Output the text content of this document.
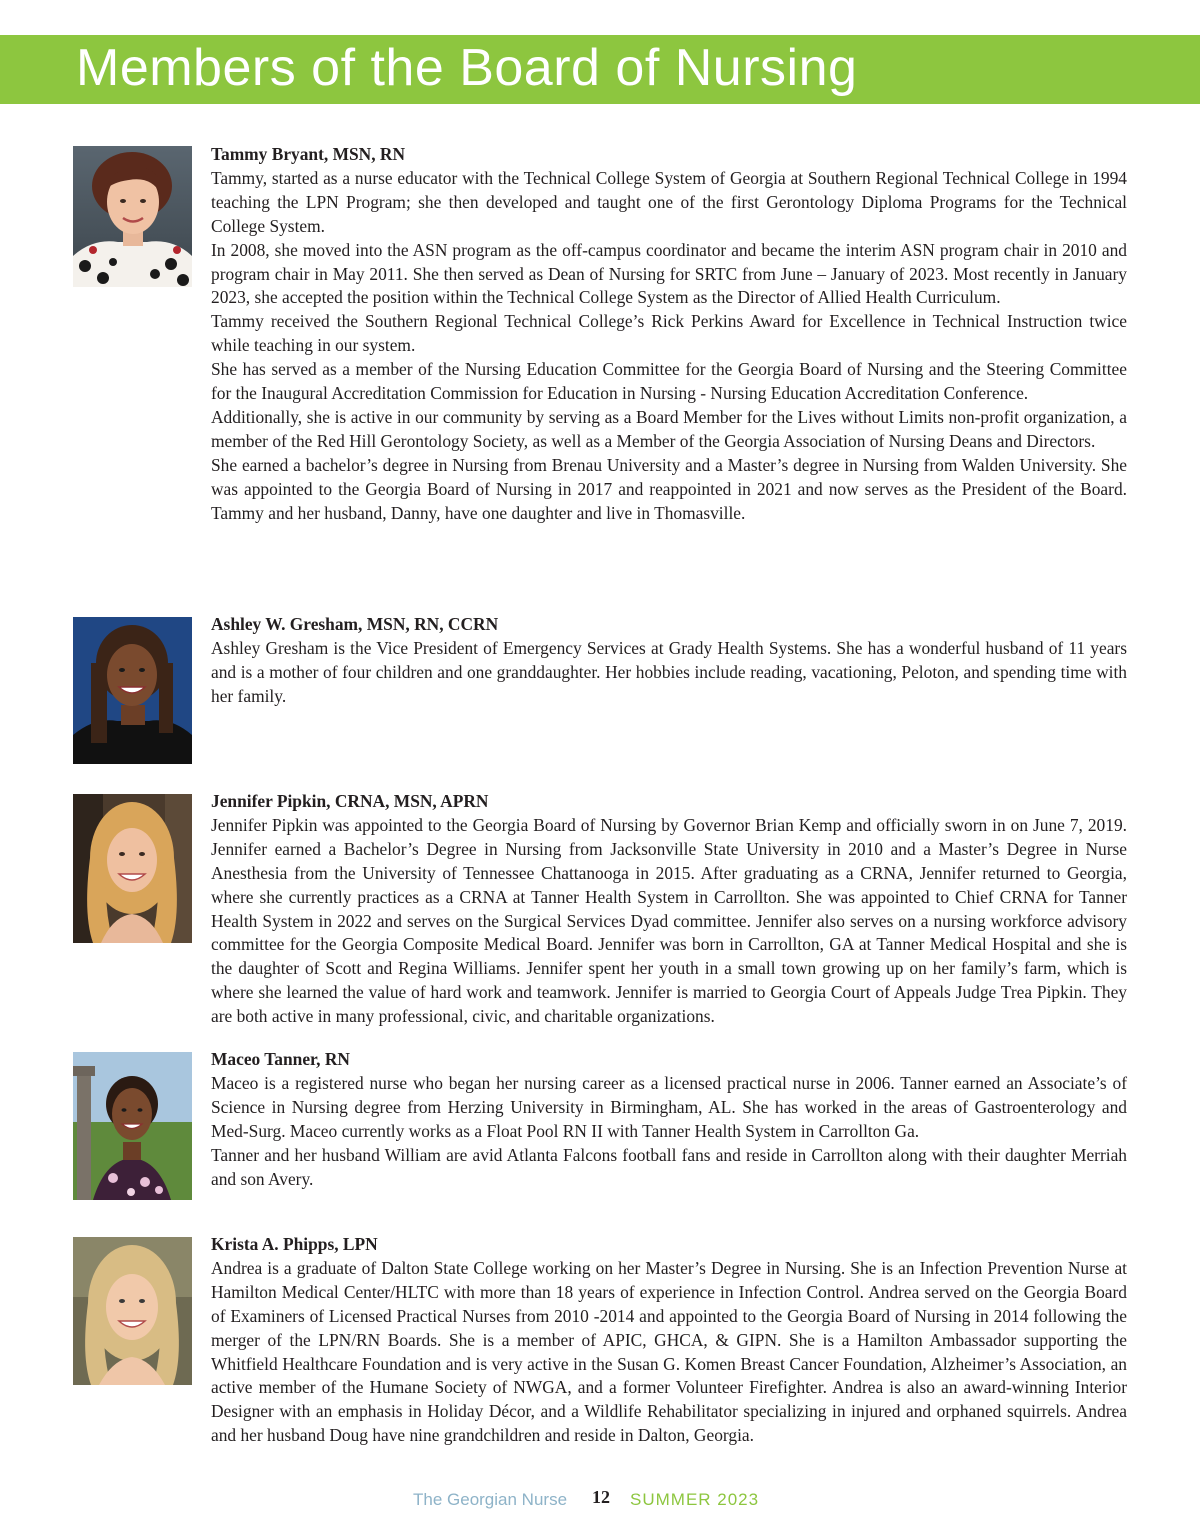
Members of the Board of Nursing

Tammy Bryant, MSN, RN

Tammy, started as a nurse educator with the Technical College System of Georgia at Southern Regional Technical College in 1994 teaching the LPN Program; she then developed and taught one of the first Gerontology Diploma Programs for the Technical College System.

In 2008, she moved into the ASN program as the off-campus coordinator and became the interim ASN program chair in 2010 and program chair in May 2011. She then served as Dean of Nursing for SRTC from June – January of 2023. Most recently in January 2023, she accepted the position within the Technical College System as the Director of Allied Health Curriculum.

Tammy received the Southern Regional Technical College’s Rick Perkins Award for Excellence in Technical Instruction twice while teaching in our system.

She has served as a member of the Nursing Education Committee for the Georgia Board of Nursing and the Steering Committee for the Inaugural Accreditation Commission for Education in Nursing - Nursing Education Accreditation Conference.

Additionally, she is active in our community by serving as a Board Member for the Lives without Limits non-profit organization, a member of the Red Hill Gerontology Society, as well as a Member of the Georgia Association of Nursing Deans and Directors.

She earned a bachelor’s degree in Nursing from Brenau University and a Master’s degree in Nursing from Walden University. She was appointed to the Georgia Board of Nursing in 2017 and reappointed in 2021 and now serves as the President of the Board. Tammy and her husband, Danny, have one daughter and live in Thomasville.

Ashley W. Gresham, MSN, RN, CCRN

Ashley Gresham is the Vice President of Emergency Services at Grady Health Systems. She has a wonderful husband of 11 years and is a mother of four children and one granddaughter. Her hobbies include reading, vacationing, Peloton, and spending time with her family.

Jennifer Pipkin, CRNA, MSN, APRN

Jennifer Pipkin was appointed to the Georgia Board of Nursing by Governor Brian Kemp and officially sworn in on June 7, 2019. Jennifer earned a Bachelor’s Degree in Nursing from Jacksonville State University in 2010 and a Master’s Degree in Nurse Anesthesia from the University of Tennessee Chattanooga in 2015. After graduating as a CRNA, Jennifer returned to Georgia, where she currently practices as a CRNA at Tanner Health System in Carrollton. She was appointed to Chief CRNA for Tanner Health System in 2022 and serves on the Surgical Services Dyad committee. Jennifer also serves on a nursing workforce advisory committee for the Georgia Composite Medical Board. Jennifer was born in Carrollton, GA at Tanner Medical Hospital and she is the daughter of Scott and Regina Williams. Jennifer spent her youth in a small town growing up on her family’s farm, which is where she learned the value of hard work and teamwork. Jennifer is married to Georgia Court of Appeals Judge Trea Pipkin. They are both active in many professional, civic, and charitable organizations.

Maceo Tanner, RN

Maceo is a registered nurse who began her nursing career as a licensed practical nurse in 2006. Tanner earned an Associate’s of Science in Nursing degree from Herzing University in Birmingham, AL. She has worked in the areas of Gastroenterology and Med-Surg. Maceo currently works as a Float Pool RN II with Tanner Health System in Carrollton Ga.

Tanner and her husband William are avid Atlanta Falcons football fans and reside in Carrollton along with their daughter Merriah and son Avery.

Krista A. Phipps, LPN

Andrea is a graduate of Dalton State College working on her Master’s Degree in Nursing. She is an Infection Prevention Nurse at Hamilton Medical Center/HLTC with more than 18 years of experience in Infection Control. Andrea served on the Georgia Board of Examiners of Licensed Practical Nurses from 2010 -2014 and appointed to the Georgia Board of Nursing in 2014 following the merger of the LPN/RN Boards. She is a member of APIC, GHCA, & GIPN. She is a Hamilton Ambassador supporting the Whitfield Healthcare Foundation and is very active in the Susan G. Komen Breast Cancer Foundation, Alzheimer’s Association, an active member of the Humane Society of NWGA, and a former Volunteer Firefighter. Andrea is also an award-winning Interior Designer with an emphasis in Holiday Décor, and a Wildlife Rehabilitator specializing in injured and orphaned squirrels. Andrea and her husband Doug have nine grandchildren and reside in Dalton, Georgia.

The Georgian Nurse 12 SUMMER 2023
